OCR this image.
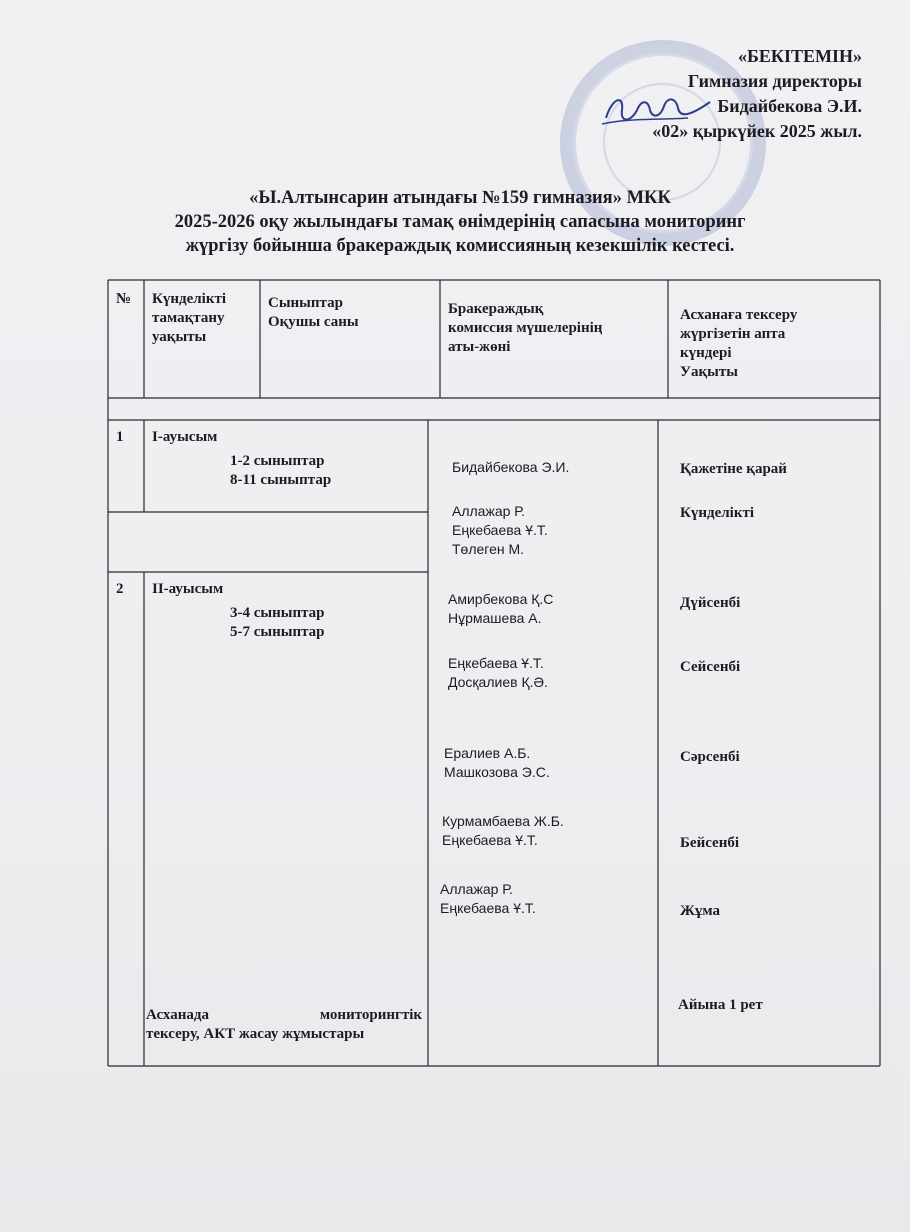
«БЕКІТЕМІН»
Гимназия директоры
Бидайбекова Э.И.
«02» қыркүйек 2025 жыл.
«Ы.Алтынсарин атындағы №159 гимназия» МКК
2025-2026 оқу жылындағы тамақ өнімдерінің сапасына мониторинг
жүргізу бойынша бракераждық комиссияның кезекшілік кестесі.
№ Күнделікті
тамақтану
уақыты
Сыныптар
Оқушы саны
Бракераждық
комиссия мүшелерінің
аты-жөні
Асханаға тексеру
жүргізетін апта
күндері
Уақыты
1 І-ауысым
1-2 сыныптар
8-11 сыныптар
2 ІІ-ауысым
3-4 сыныптар
5-7 сыныптар
Асханада	мониторингтік
тексеру, АКТ жасау жұмыстары
Бидайбекова Э.И.
Аллажар Р.
Еңкебаева Ұ.Т.
Төлеген М.
Амирбекова Қ.С
Нұрмашева А.
Еңкебаева Ұ.Т.
Досқалиев Қ.Ә.
Ералиев А.Б.
Машкозова Э.С.
Курмамбаева Ж.Б.
Еңкебаева Ұ.Т.
Аллажар Р.
Еңкебаева Ұ.Т.
Қажетіне қарай
Күнделікті
Дүйсенбі
Сейсенбі
Сәрсенбі
Бейсенбі
Жұма
Айына 1 рет
